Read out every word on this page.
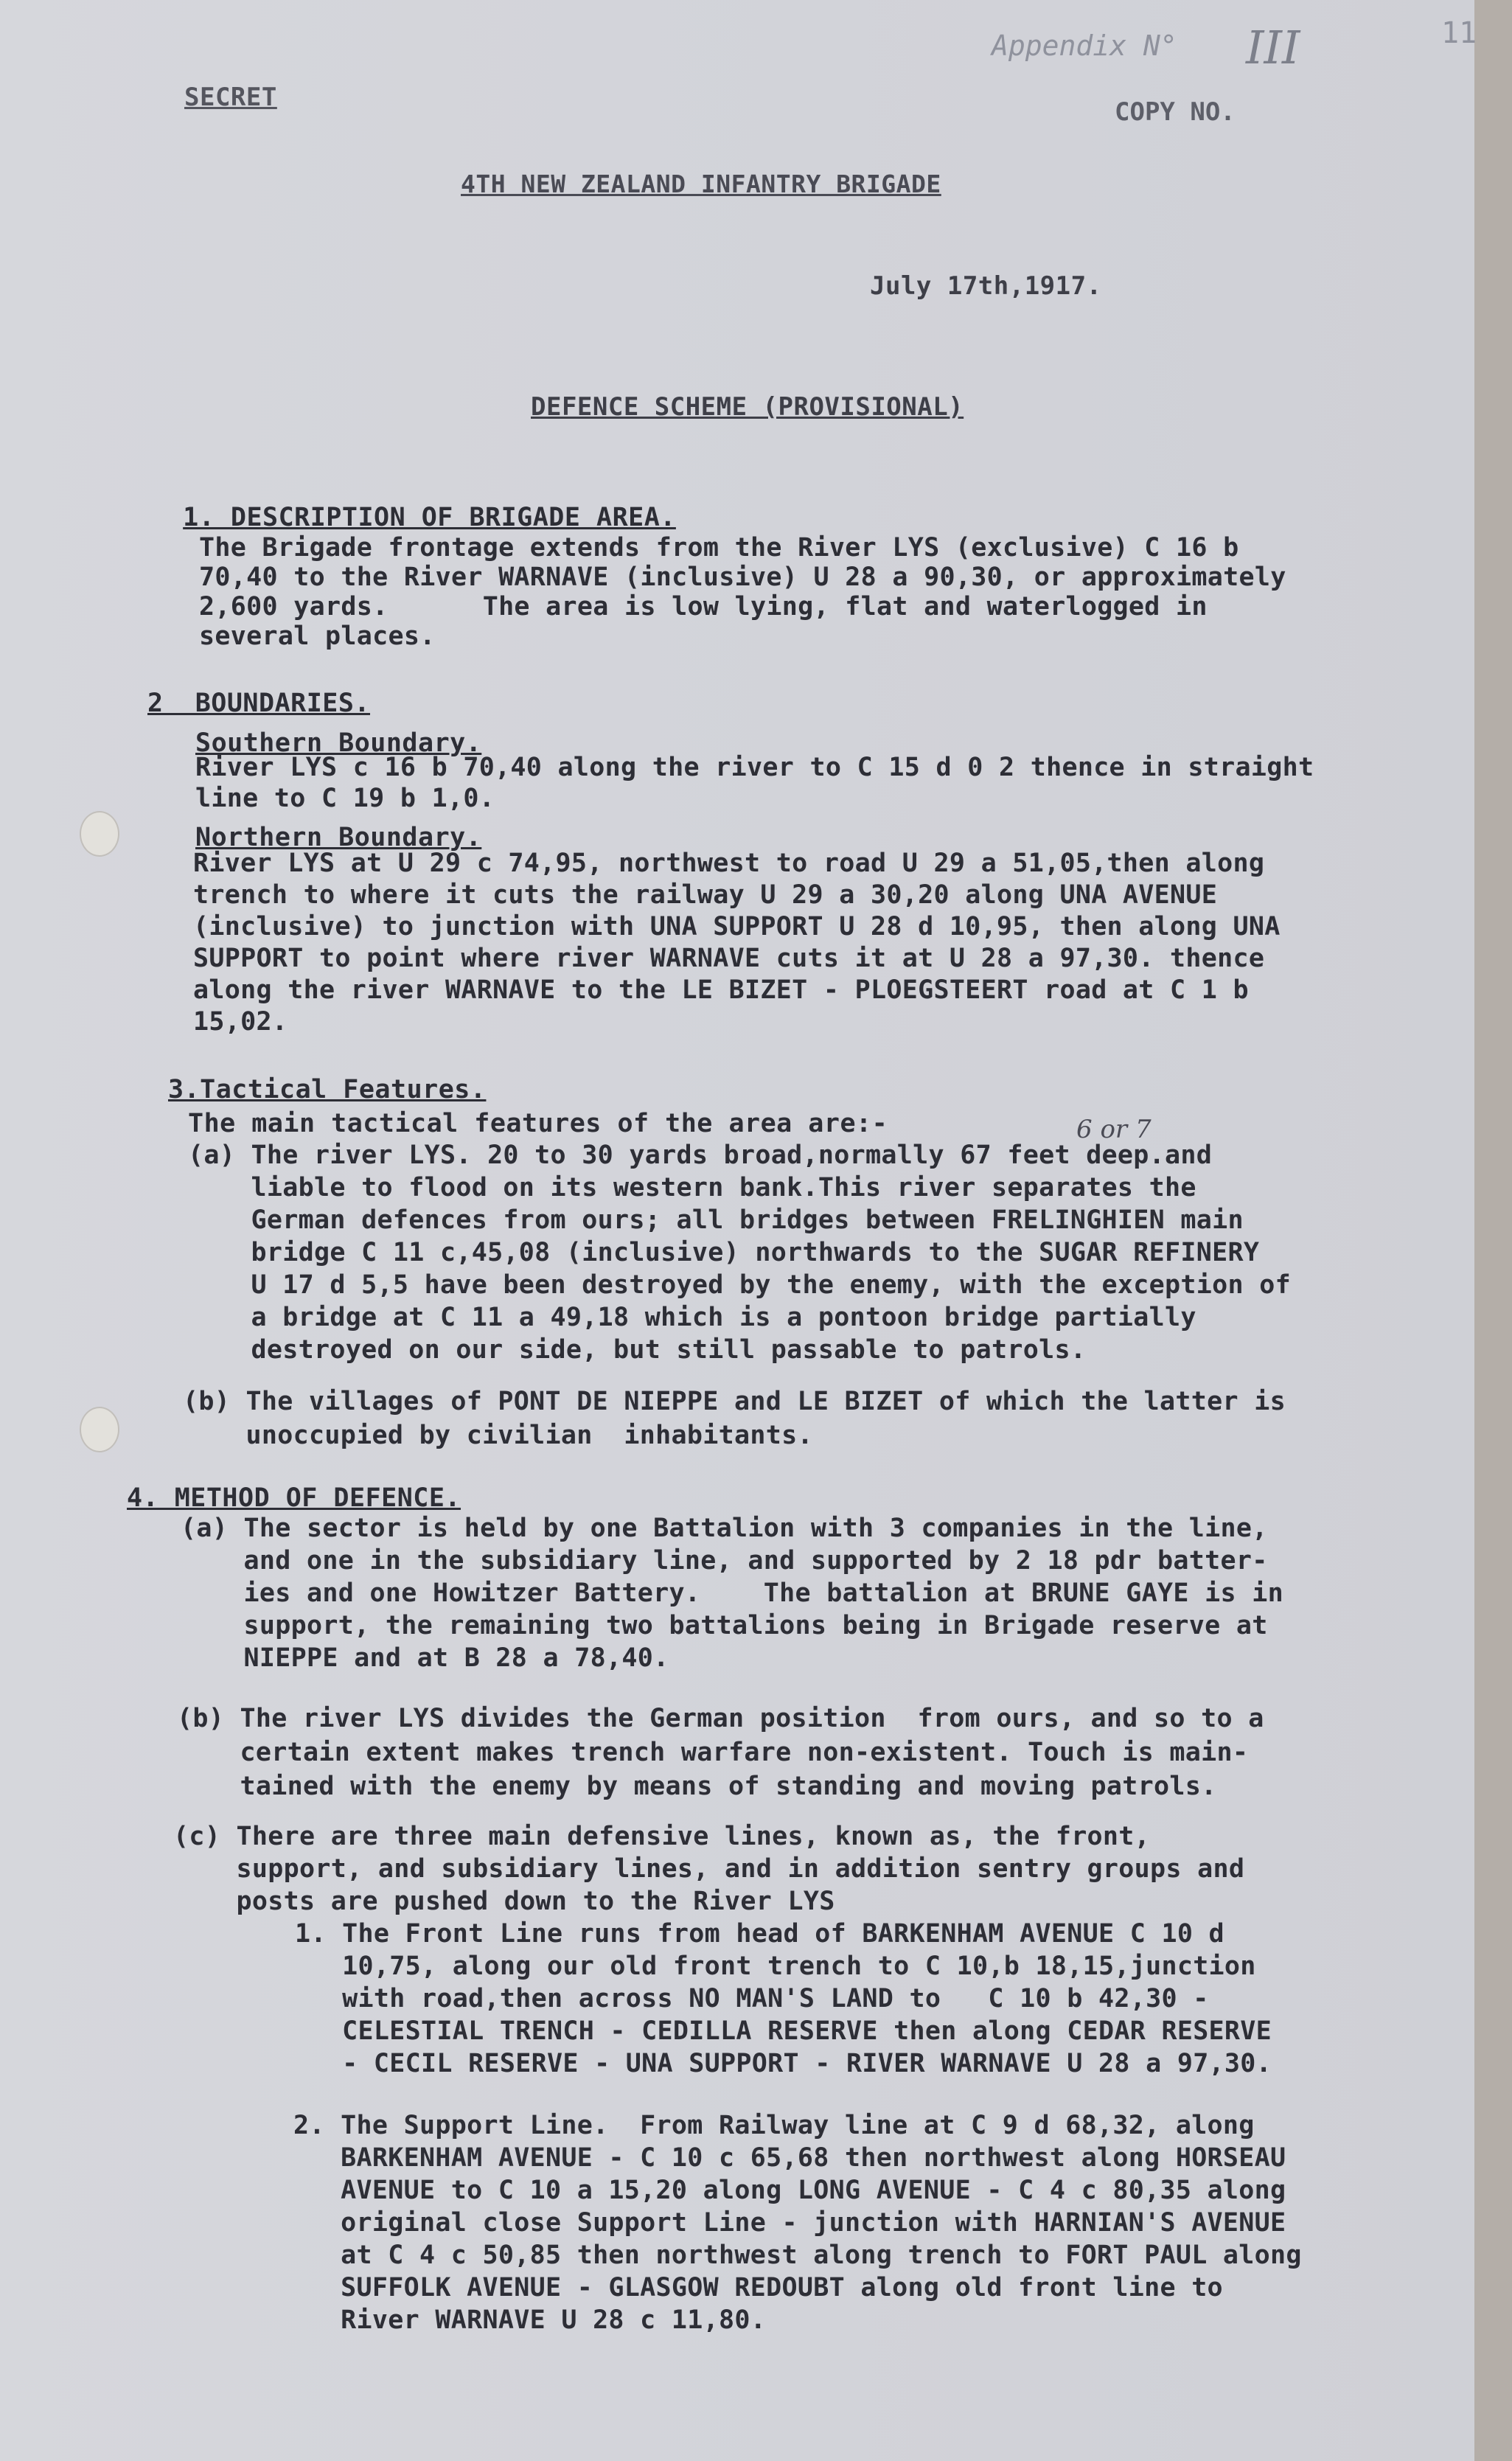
Appendix N° III	11
SECRET	COPY NO.
4TH NEW ZEALAND INFANTRY BRIGADE
July 17th,1917.
DEFENCE SCHEME (PROVISIONAL)

1. DESCRIPTION OF BRIGADE AREA.

The Brigade frontage extends from the River LYS (exclusive) C 16 b
70,40 to the River WARNAVE (inclusive) U 28 a 90,30, or approximately
2,600 yards.      The area is low lying, flat and waterlogged in
several places.
2  BOUNDARIES.
Southern Boundary.
River LYS c 16 b 70,40 along the river to C 15 d 0 2 thence in straight
line to C 19 b 1,0.
Northern Boundary.
River LYS at U 29 c 74,95, northwest to road U 29 a 51,05,then along
trench to where it cuts the railway U 29 a 30,20 along UNA AVENUE
(inclusive) to junction with UNA SUPPORT U 28 d 10,95, then along UNA
SUPPORT to point where river WARNAVE cuts it at U 28 a 97,30. thence
along the river WARNAVE to the LE BIZET - PLOEGSTEERT road at C 1 b
15,02.
3.Tactical Features.
The main tactical features of the area are:-	6 or 7
(a) The river LYS. 20 to 30 yards broad,normally 67 feet deep.and
liable to flood on its western bank.This river separates the
German defences from ours; all bridges between FRELINGHIEN main
bridge C 11 c,45,08 (inclusive) northwards to the SUGAR REFINERY
U 17 d 5,5 have been destroyed by the enemy, with the exception of
a bridge at C 11 a 49,18 which is a pontoon bridge partially
destroyed on our side, but still passable to patrols.
(b) The villages of PONT DE NIEPPE and LE BIZET of which the latter is
unoccupied by civilian  inhabitants.
4. METHOD OF DEFENCE.
(a) The sector is held by one Battalion with 3 companies in the line,
and one in the subsidiary line, and supported by 2 18 pdr batter-
ies and one Howitzer Battery.    The battalion at BRUNE GAYE is in
support, the remaining two battalions being in Brigade reserve at
NIEPPE and at B 28 a 78,40.
(b) The river LYS divides the German position  from ours, and so to a
certain extent makes trench warfare non-existent. Touch is main-
tained with the enemy by means of standing and moving patrols.
(c) There are three main defensive lines, known as, the front,
support, and subsidiary lines, and in addition sentry groups and
posts are pushed down to the River LYS
1. The Front Line runs from head of BARKENHAM AVENUE C 10 d
10,75, along our old front trench to C 10,b 18,15,junction
with road,then across NO MAN'S LAND to   C 10 b 42,30 -
CELESTIAL TRENCH - CEDILLA RESERVE then along CEDAR RESERVE
- CECIL RESERVE - UNA SUPPORT - RIVER WARNAVE U 28 a 97,30.
2. The Support Line.  From Railway line at C 9 d 68,32, along
BARKENHAM AVENUE - C 10 c 65,68 then northwest along HORSEAU
AVENUE to C 10 a 15,20 along LONG AVENUE - C 4 c 80,35 along
original close Support Line - junction with HARNIAN'S AVENUE
at C 4 c 50,85 then northwest along trench to FORT PAUL along
SUFFOLK AVENUE - GLASGOW REDOUBT along old front line to
River WARNAVE U 28 c 11,80.
